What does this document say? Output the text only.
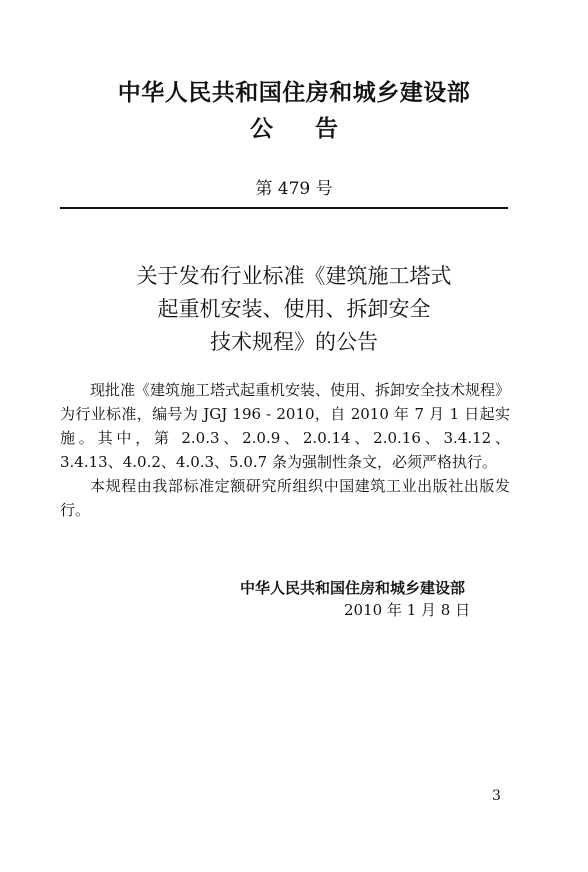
中华人民共和国住房和城乡建设部
公告
第 479 号
关于发布行业标准《建筑施工塔式
起重机安装、使用、拆卸安全
技术规程》的公告

现批准《建筑施工塔式起重机安装、使用、拆卸安全技术规程》为行业标准，编号为 JGJ 196 - 2010，自 2010 年 7 月 1 日起实施。其中，第 2.0.3、2.0.9、2.0.14、2.0.16、3.4.12、3.4.13、4.0.2、4.0.3、5.0.7 条为强制性条文，必须严格执行。

本规程由我部标准定额研究所组织中国建筑工业出版社出版发行。

中华人民共和国住房和城乡建设部
2010 年 1 月 8 日
3
